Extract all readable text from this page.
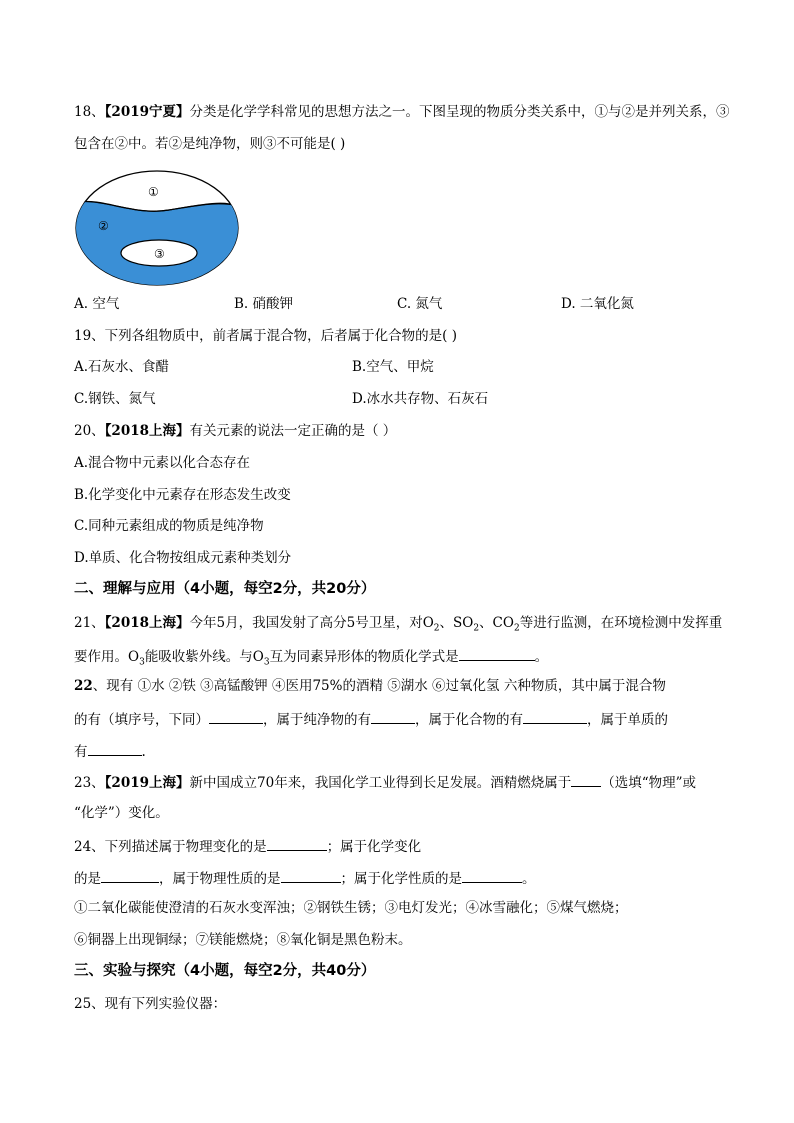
18、【2019宁夏】分类是化学学科常见的思想方法之一。下图呈现的物质分类关系中，①与②是并列关系，③
包含在②中。若②是纯净物，则③不可能是( )
①
②
③
A. 空气	B. 硝酸钾	C. 氮气	D. 二氧化氮
19、下列各组物质中，前者属于混合物，后者属于化合物的是( )
A.石灰水、食醋	B.空气、甲烷
C.钢铁、氮气	D.冰水共存物、石灰石
20、【2018上海】有关元素的说法一定正确的是（ ）
A.混合物中元素以化合态存在
B.化学变化中元素存在形态发生改变
C.同种元素组成的物质是纯净物
D.单质、化合物按组成元素种类划分
二、理解与应用（4小题，每空2分，共20分）
21、【2018上海】今年5月，我国发射了高分5号卫星，对$O_2$、$SO_2$、$CO_2$等进行监测，在环境检测中发挥重
要作用。$O_3$能吸收紫外线。与$O_3$互为同素异形体的物质化学式是	。
22、现有 ①水 ②铁 ③高锰酸钾 ④医用75%的酒精 ⑤湖水 ⑥过氧化氢 六种物质，其中属于混合物
的有（填序号，下同）	，属于纯净物的有	，属于化合物的有	，属于单质的
有	.
23、【2019上海】新中国成立70年来，我国化学工业得到长足发展。酒精燃烧属于 （选填“物理”或
“化学”）变化。
24、下列描述属于物理变化的是	；属于化学变化
的是	，属于物理性质的是	；属于化学性质的是	。
①二氧化碳能使澄清的石灰水变浑浊；②钢铁生锈；③电灯发光；④冰雪融化；⑤煤气燃烧；
⑥铜器上出现铜绿；⑦镁能燃烧；⑧氧化铜是黑色粉末。
三、实验与探究（4小题，每空2分，共40分）
25、现有下列实验仪器：
